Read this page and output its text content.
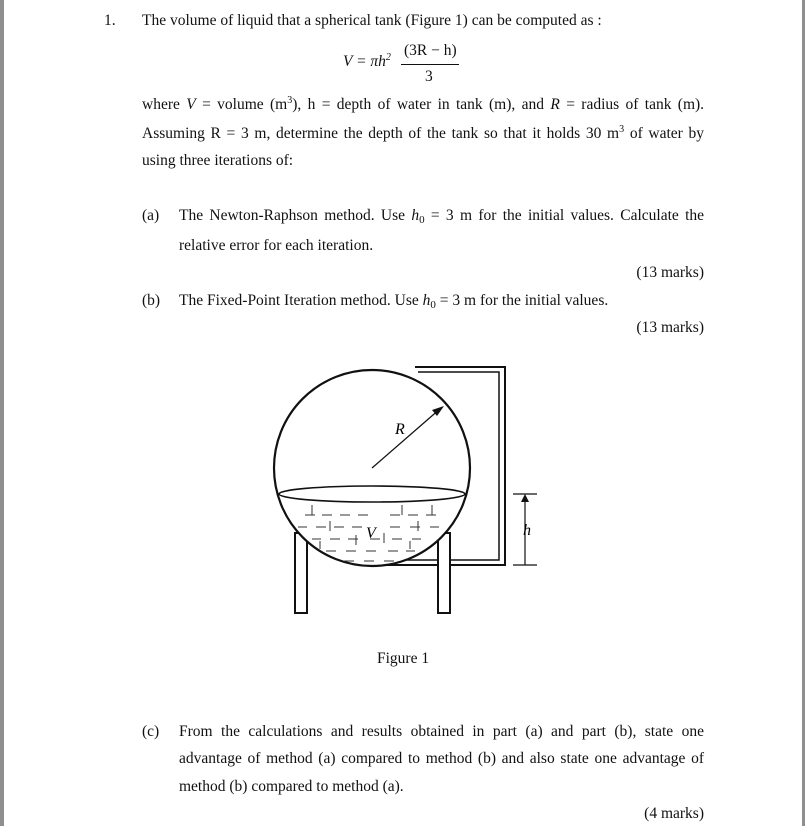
1. The volume of liquid that a spherical tank (Figure 1) can be computed as :
$V = \pi h^2$ (3R − h)
3
where V = volume $(m^3)$, h = depth of water in tank (m), and R = radius of tank (m).
Assuming R = 3 m, determine the depth of the tank so that it holds 30 $m^3$ of water by
using three iterations of:
(a) The Newton-Raphson method. Use $h_0 = 3$ m for the initial values. Calculate the
relative error for each iteration.
(13 marks)
(b) The Fixed-Point Iteration method. Use $h_0 = 3$ m for the initial values.
(13 marks)
R
V	h
Figure 1
(c) From the calculations and results obtained in part (a) and part (b), state one
advantage of method (a) compared to method (b) and also state one advantage of
method (b) compared to method (a).
(4 marks)
